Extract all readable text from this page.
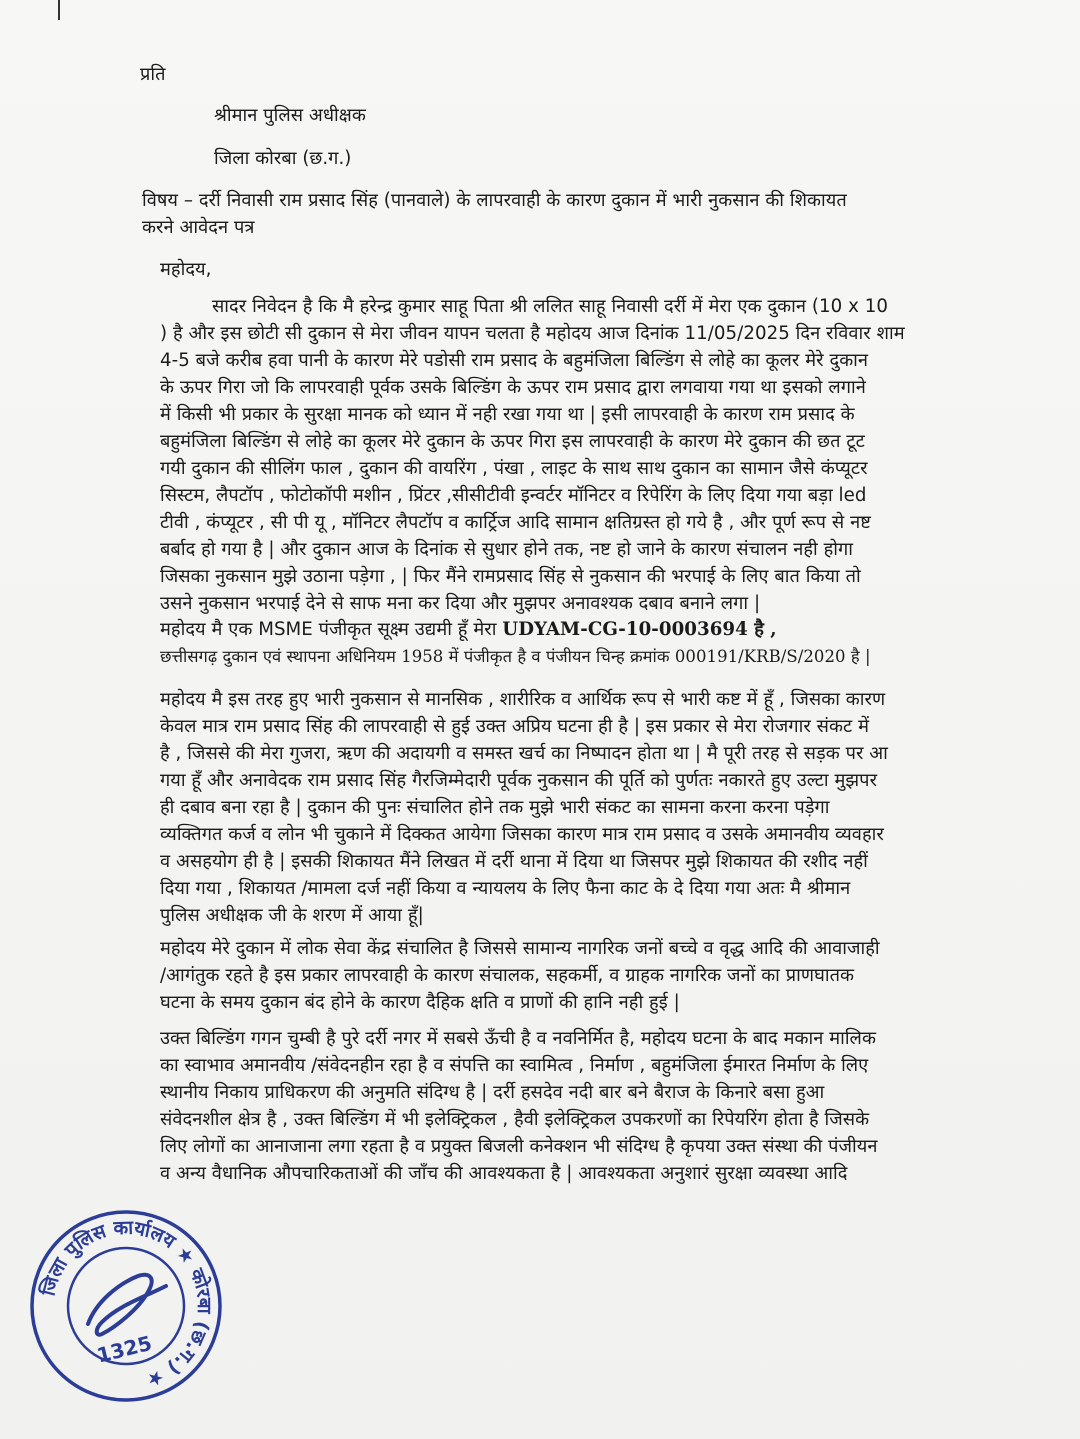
प्रति
श्रीमान पुलिस अधीक्षक
जिला कोरबा (छ.ग.)
विषय – दर्री निवासी राम प्रसाद सिंह (पानवाले) के लापरवाही के कारण दुकान में भारी नुकसान की शिकायत
करने आवेदन पत्र
महोदय,
सादर निवेदन है कि मै हरेन्द्र कुमार साहू पिता श्री ललित साहू निवासी दर्री में मेरा एक दुकान (10 x 10
) है और इस छोटी सी दुकान से मेरा जीवन यापन चलता है महोदय आज दिनांक 11/05/2025 दिन रविवार शाम
4-5 बजे करीब हवा पानी के कारण मेरे पडोसी राम प्रसाद के बहुमंजिला बिल्डिंग से लोहे का कूलर मेरे दुकान
के ऊपर गिरा जो कि लापरवाही पूर्वक उसके बिल्डिंग के ऊपर राम प्रसाद द्वारा लगवाया गया था इसको लगाने
में किसी भी प्रकार के सुरक्षा मानक को ध्यान में नही रखा गया था | इसी लापरवाही के कारण राम प्रसाद के
बहुमंजिला बिल्डिंग से लोहे का कूलर मेरे दुकान के ऊपर गिरा इस लापरवाही के कारण मेरे दुकान की छत टूट
गयी दुकान की सीलिंग फाल , दुकान की वायरिंग , पंखा , लाइट के साथ साथ दुकान का सामान जैसे कंप्यूटर
सिस्टम, लैपटॉप , फोटोकॉपी मशीन , प्रिंटर ,सीसीटीवी इन्वर्टर मॉनिटर व रिपेरिंग के लिए दिया गया बड़ा led
टीवी , कंप्यूटर , सी पी यू , मॉनिटर लैपटॉप व कार्ट्रिज आदि सामान क्षतिग्रस्त हो गये है , और पूर्ण रूप से नष्ट
बर्बाद हो गया है | और दुकान आज के दिनांक से सुधार होने तक, नष्ट हो जाने के कारण संचालन नही होगा
जिसका नुकसान मुझे उठाना पड़ेगा , | फिर मैंने रामप्रसाद सिंह से नुकसान की भरपाई के लिए बात किया तो
उसने नुकसान भरपाई देने से साफ मना कर दिया और मुझपर अनावश्यक दबाव बनाने लगा |
महोदय मै एक MSME पंजीकृत सूक्ष्म उद्यमी हूँ मेरा UDYAM-CG-10-0003694 है ,
छत्तीसगढ़ दुकान एवं स्थापना अधिनियम 1958 में पंजीकृत है व पंजीयन चिन्ह क्रमांक 000191/KRB/S/2020 है |
महोदय मै इस तरह हुए भारी नुकसान से मानसिक , शारीरिक व आर्थिक रूप से भारी कष्ट में हूँ , जिसका कारण
केवल मात्र राम प्रसाद सिंह की लापरवाही से हुई उक्त अप्रिय घटना ही है | इस प्रकार से मेरा रोजगार संकट में
है , जिससे की मेरा गुजरा, ऋण की अदायगी व समस्त खर्च का निष्पादन होता था | मै पूरी तरह से सड़क पर आ
गया हूँ और अनावेदक राम प्रसाद सिंह गैरजिम्मेदारी पूर्वक नुकसान की पूर्ति को पुर्णतः नकारते हुए उल्टा मुझपर
ही दबाव बना रहा है | दुकान की पुनः संचालित होने तक मुझे भारी संकट का सामना करना करना पड़ेगा
व्यक्तिगत कर्ज व लोन भी चुकाने में दिक्कत आयेगा जिसका कारण मात्र राम प्रसाद व उसके अमानवीय व्यवहार
व असहयोग ही है | इसकी शिकायत मैंने लिखत में दर्री थाना में दिया था जिसपर मुझे शिकायत की रशीद नहीं
दिया गया , शिकायत /मामला दर्ज नहीं किया व न्यायलय के लिए फैना काट के दे दिया गया अतः मै श्रीमान
पुलिस अधीक्षक जी के शरण में आया हूँ|
महोदय मेरे दुकान में लोक सेवा केंद्र संचालित है जिससे सामान्य नागरिक जनों बच्चे व वृद्ध आदि की आवाजाही
/आगंतुक रहते है इस प्रकार लापरवाही के कारण संचालक, सहकर्मी, व ग्राहक नागरिक जनों का प्राणघातक
घटना के समय दुकान बंद होने के कारण दैहिक क्षति व प्राणों की हानि नही हुई |
उक्त बिल्डिंग गगन चुम्बी है पुरे दर्री नगर में सबसे ऊँची है व नवनिर्मित है, महोदय घटना के बाद मकान मालिक
का स्वाभाव अमानवीय /संवेदनहीन रहा है व संपत्ति का स्वामित्व , निर्माण , बहुमंजिला ईमारत निर्माण के लिए
स्थानीय निकाय प्राधिकरण की अनुमति संदिग्ध है | दर्री हसदेव नदी बार बने बैराज के किनारे बसा हुआ
संवेदनशील क्षेत्र है , उक्त बिल्डिंग में भी इलेक्ट्रिकल , हैवी इलेक्ट्रिकल उपकरणों का रिपेयरिंग होता है जिसके
लिए लोगों का आनाजाना लगा रहता है व प्रयुक्त बिजली कनेक्शन भी संदिग्ध है कृपया उक्त संस्था की पंजीयन
व अन्य वैधानिक औपचारिकताओं की जाँच की आवश्यकता है | आवश्यकता अनुशारं सुरक्षा व्यवस्था आदि
जिला पुलिस कार्यालय ★ कोरबा (छ.ग.) ★
1325
